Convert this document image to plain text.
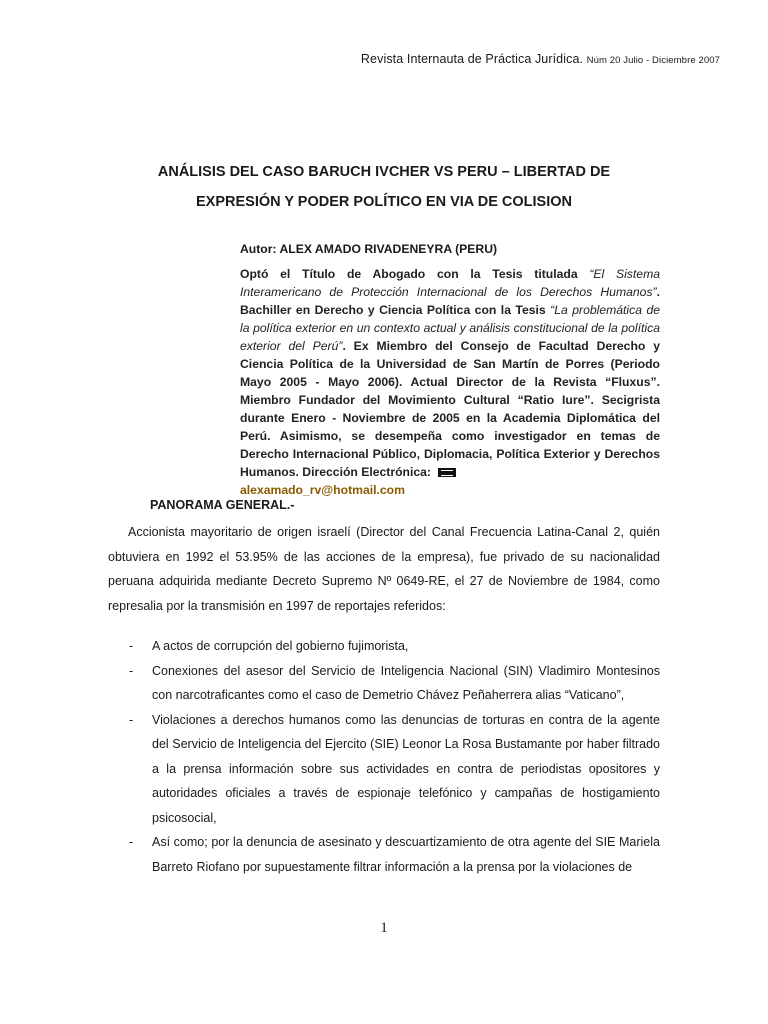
Revista Internauta de Práctica Jurídica. Núm 20 Julio - Diciembre 2007
ANÁLISIS DEL CASO BARUCH IVCHER VS PERU – LIBERTAD DE
EXPRESIÓN Y PODER POLÍTICO EN VIA DE COLISION
Autor: ALEX AMADO RIVADENEYRA (PERU)
Optó el Título de Abogado con la Tesis titulada “El Sistema Interamericano de Protección Internacional de los Derechos Humanos”. Bachiller en Derecho y Ciencia Política con la Tesis “La problemática de la política exterior en un contexto actual y análisis constitucional de la política exterior del Perú”. Ex Miembro del Consejo de Facultad Derecho y Ciencia Política de la Universidad de San Martín de Porres (Periodo Mayo 2005 - Mayo 2006). Actual Director de la Revista “Fluxus”. Miembro Fundador del Movimiento Cultural “Ratio Iure”. Secigrista durante Enero - Noviembre de 2005 en la Academia Diplomática del Perú. Asimismo, se desempeña como investigador en temas de Derecho Internacional Público, Diplomacia, Política Exterior y Derechos Humanos. Dirección Electrónica:
alexamado_rv@hotmail.com
PANORAMA GENERAL.-
Accionista mayoritario de origen israelí (Director del Canal Frecuencia Latina-Canal 2, quién obtuviera en 1992 el 53.95% de las acciones de la empresa), fue privado de su nacionalidad peruana adquirida mediante Decreto Supremo Nº 0649-RE, el 27 de Noviembre de 1984, como represalia por la transmisión en 1997 de reportajes referidos:
- A actos de corrupción del gobierno fujimorista,
- Conexiones del asesor del Servicio de Inteligencia Nacional (SIN) Vladimiro Montesinos con narcotraficantes como el caso de Demetrio Chávez Peñaherrera alias “Vaticano”,
- Violaciones a derechos humanos como las denuncias de torturas en contra de la agente del Servicio de Inteligencia del Ejercito (SIE) Leonor La Rosa Bustamante por haber filtrado a la prensa información sobre sus actividades en contra de periodistas opositores y autoridades oficiales a través de espionaje telefónico y campañas de hostigamiento psicosocial,
- Así como; por la denuncia de asesinato y descuartizamiento de otra agente del SIE Mariela Barreto Riofano por supuestamente filtrar información a la prensa por la violaciones de
1
